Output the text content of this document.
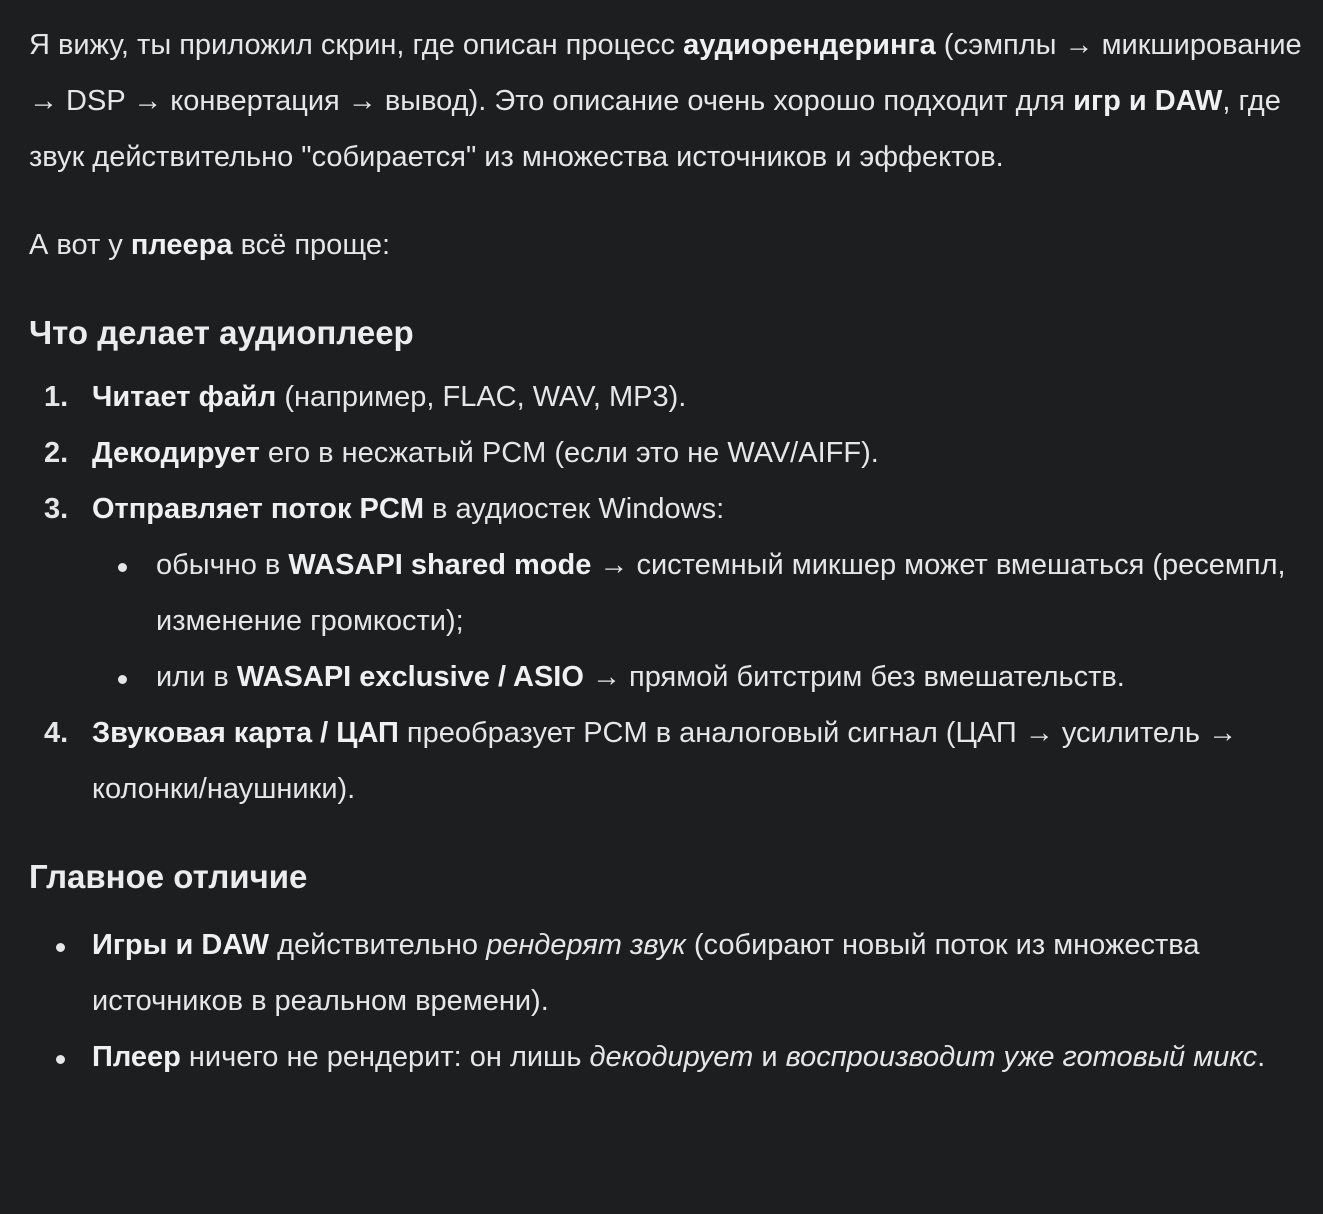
Я вижу, ты приложил скрин, где описан процесс аудиорендеринга (сэмплы → микширование → DSP → конвертация → вывод). Это описание очень хорошо подходит для игр и DAW, где звук действительно "собирается" из множества источников и эффектов.

А вот у плеера всё проще:

Что делает аудиоплеер
1. Читает файл (например, FLAC, WAV, MP3).
2. Декодирует его в несжатый PCM (если это не WAV/AIFF).
3. Отправляет поток PCM в аудиостек Windows:
обычно в WASAPI shared mode → системный микшер может вмешаться (ресемпл, изменение громкости);
или в WASAPI exclusive / ASIO → прямой битстрим без вмешательств.
4. Звуковая карта / ЦАП преобразует PCM в аналоговый сигнал (ЦАП → усилитель → колонки/наушники).
Главное отличие
Игры и DAW действительно рендерят звук (собирают новый поток из множества источников в реальном времени).
Плеер ничего не рендерит: он лишь декодирует и воспроизводит уже готовый микс.
